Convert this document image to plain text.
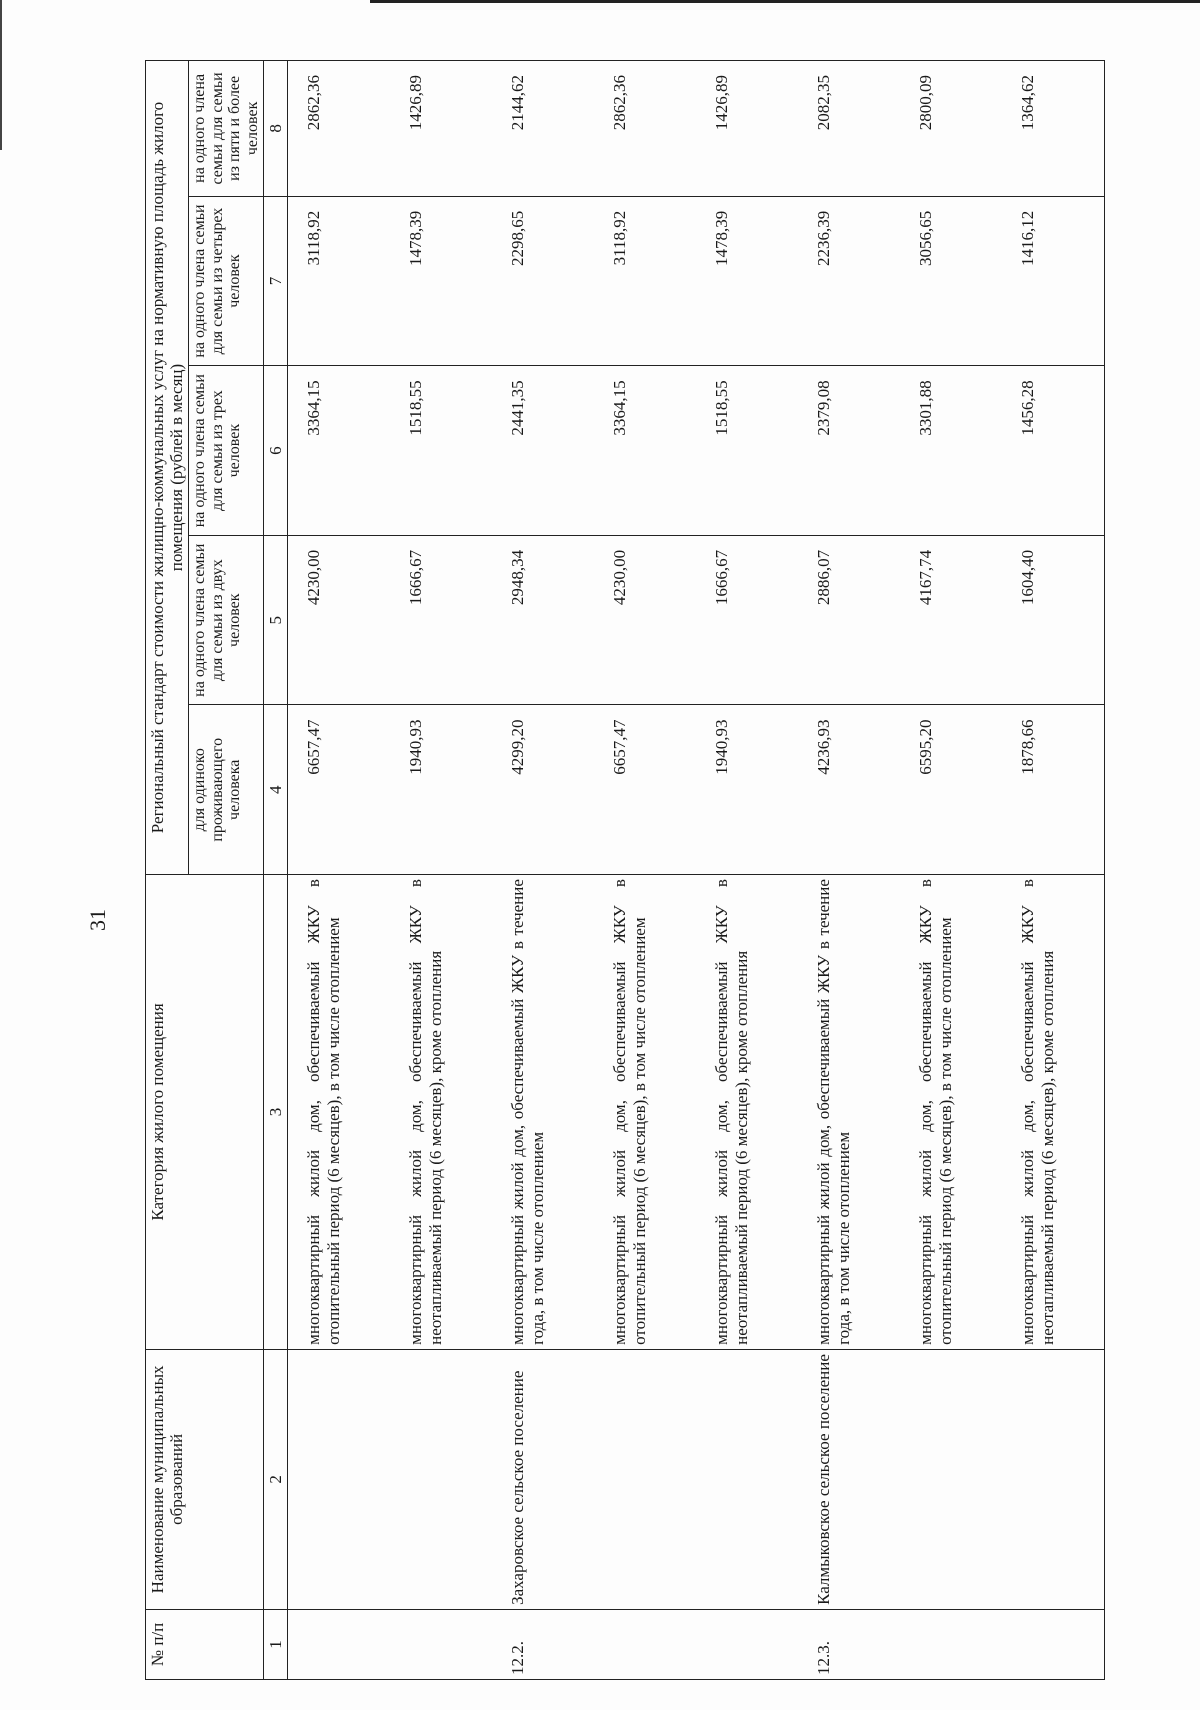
31
№ п/п	Наименование муниципальных образований	Категория жилого помещения	Региональный стандарт стоимости жилищно-коммунальных услуг на нормативную площадь жилого помещения (рублей в месяц)				
			для одиноко проживающего человека	на одного члена семьи для семьи из двух человек	на одного члена семьи для семьи из трех человек	на одного члена семьи для семьи из четырех человек	на одного члена семьи для семьи из пяти и более человек
1	2	3	4	5	6	7	8
		многоквартирный жилой дом, обеспечиваемый ЖКУ в отопительный период (6 месяцев), в том числе отоплением	6657,47	4230,00	3364,15	3118,92	2862,36
		многоквартирный жилой дом, обеспечиваемый ЖКУ в неотапливаемый период (6 месяцев), кроме отопления	1940,93	1666,67	1518,55	1478,39	1426,89
12.2.	Захаровское сельское поселение	многоквартирный жилой дом, обеспечиваемый ЖКУ в течение года, в том числе отоплением	4299,20	2948,34	2441,35	2298,65	2144,62
		многоквартирный жилой дом, обеспечиваемый ЖКУ в отопительный период (6 месяцев), в том числе отоплением	6657,47	4230,00	3364,15	3118,92	2862,36
		многоквартирный жилой дом, обеспечиваемый ЖКУ в неотапливаемый период (6 месяцев), кроме отопления	1940,93	1666,67	1518,55	1478,39	1426,89
12.3.	Калмыковское сельское поселение	многоквартирный жилой дом, обеспечиваемый ЖКУ в течение года, в том числе отоплением	4236,93	2886,07	2379,08	2236,39	2082,35
		многоквартирный жилой дом, обеспечиваемый ЖКУ в отопительный период (6 месяцев), в том числе отоплением	6595,20	4167,74	3301,88	3056,65	2800,09
		многоквартирный жилой дом, обеспечиваемый ЖКУ в неотапливаемый период (6 месяцев), кроме отопления	1878,66	1604,40	1456,28	1416,12	1364,62
